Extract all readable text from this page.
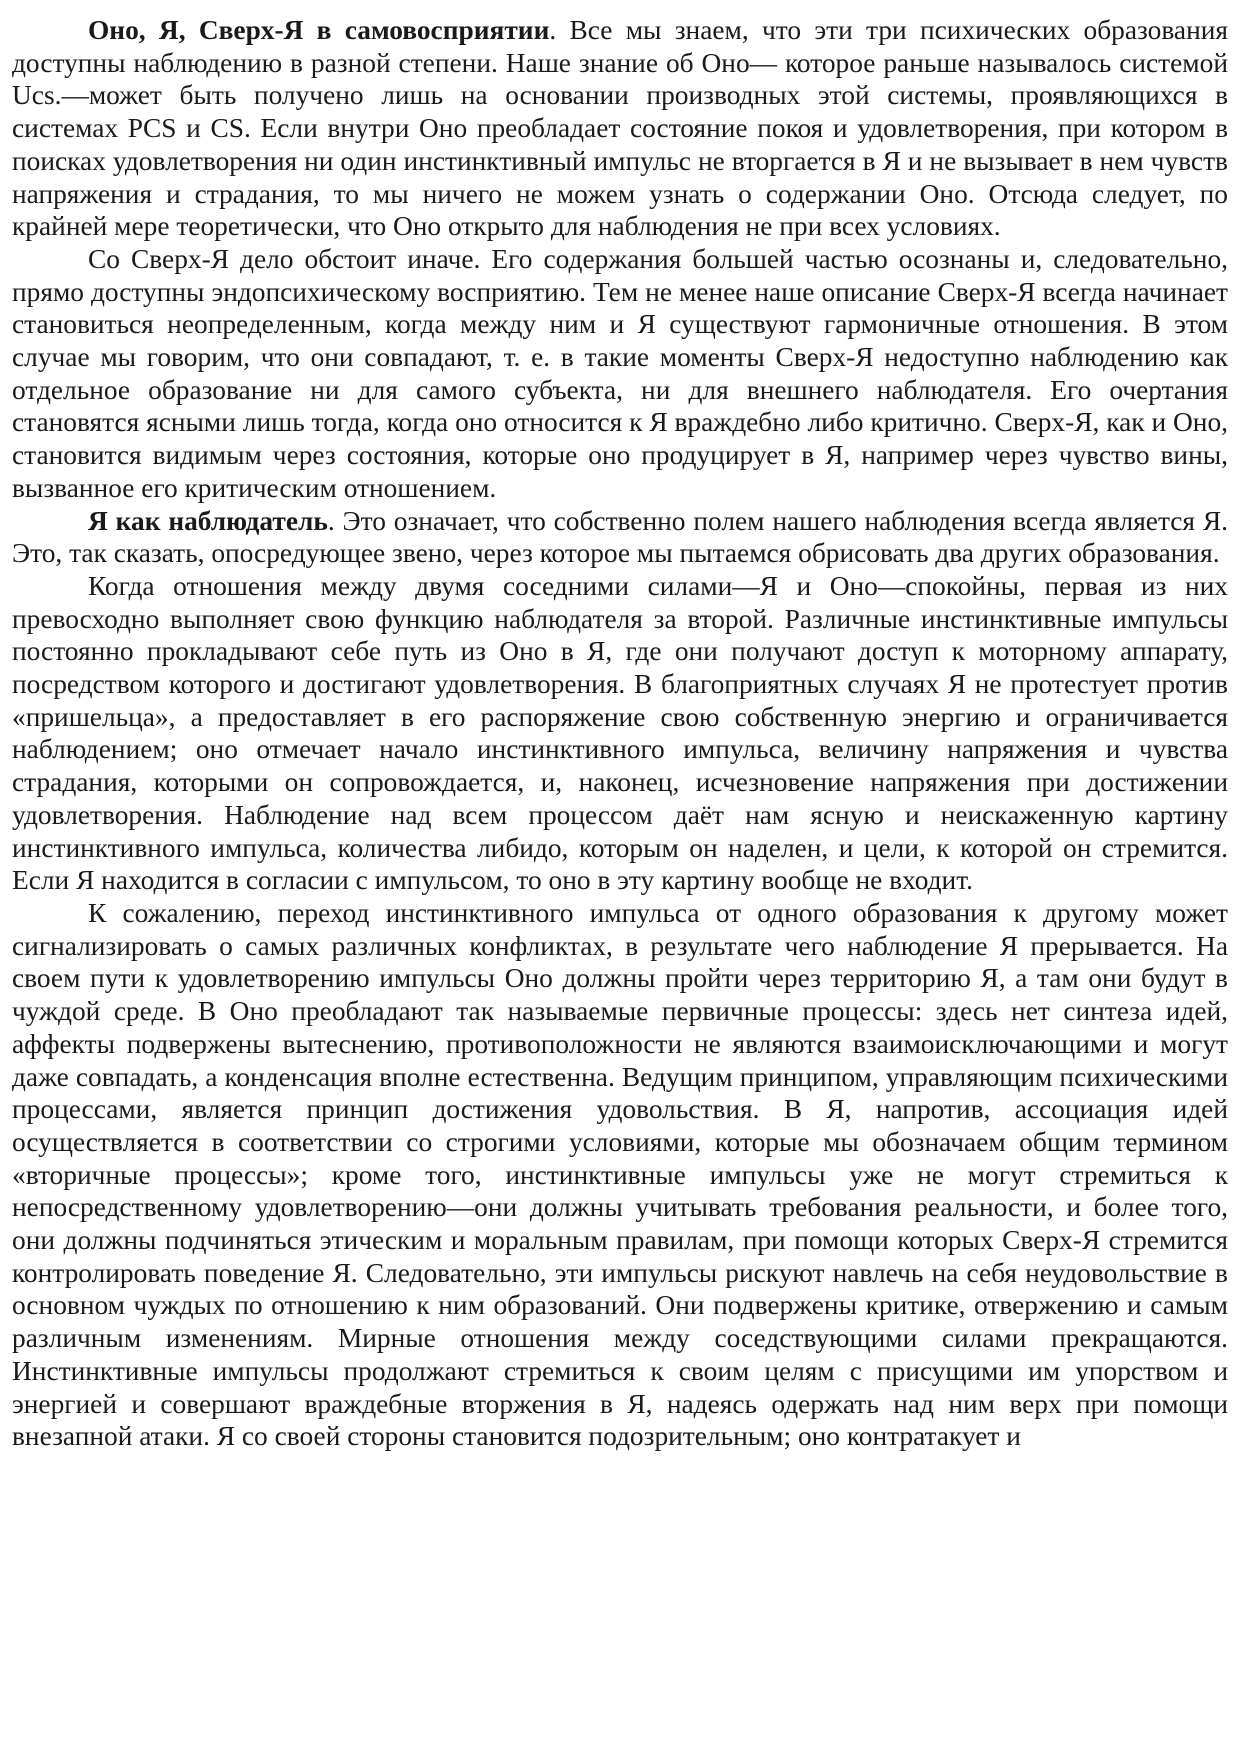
Оно, Я, Сверх-Я в самовосприятии. Все мы знаем, что эти три психических образования доступны наблюдению в разной степени. Наше знание об Оно— которое раньше называлось системой Ucs.—может быть получено лишь на основании производных этой системы, проявляющихся в системах PCS и CS. Если внутри Оно преобладает состояние покоя и удовлетворения, при котором в поисках удовлетворения ни один инстинктивный импульс не вторгается в Я и не вызывает в нем чувств напряжения и страдания, то мы ничего не можем узнать о содержании Оно. Отсюда следует, по крайней мере теоретически, что Оно открыто для наблюдения не при всех условиях.

Со Сверх-Я дело обстоит иначе. Его содержания большей частью осознаны и, следовательно, прямо доступны эндопсихическому восприятию. Тем не менее наше описание Сверх-Я всегда начинает становиться неопределенным, когда между ним и Я существуют гармоничные отношения. В этом случае мы говорим, что они совпадают, т. е. в такие моменты Сверх-Я недоступно наблюдению как отдельное образование ни для самого субъекта, ни для внешнего наблюдателя. Его очертания становятся ясными лишь тогда, когда оно относится к Я враждебно либо критично. Сверх-Я, как и Оно, становится видимым через состояния, которые оно продуцирует в Я, например через чувство вины, вызванное его критическим отношением.

Я как наблюдатель. Это означает, что собственно полем нашего наблюдения всегда является Я. Это, так сказать, опосредующее звено, через которое мы пытаемся обрисовать два других образования.

Когда отношения между двумя соседними силами—Я и Оно—спокойны, первая из них превосходно выполняет свою функцию наблюдателя за второй. Различные инстинктивные импульсы постоянно прокладывают себе путь из Оно в Я, где они получают доступ к моторному аппарату, посредством которого и достигают удовлетворения. В благоприятных случаях Я не протестует против «пришельца», а предоставляет в его распоряжение свою собственную энергию и ограничивается наблюдением; оно отмечает начало инстинктивного импульса, величину напряжения и чувства страдания, которыми он сопровождается, и, наконец, исчезновение напряжения при достижении удовлетворения. Наблюдение над всем процессом даёт нам ясную и неискаженную картину инстинктивного импульса, количества либидо, которым он наделен, и цели, к которой он стремится. Если Я находится в согласии с импульсом, то оно в эту картину вообще не входит.

К сожалению, переход инстинктивного импульса от одного образования к другому может сигнализировать о самых различных конфликтах, в результате чего наблюдение Я прерывается. На своем пути к удовлетворению импульсы Оно должны пройти через территорию Я, а там они будут в чуждой среде. В Оно преобладают так называемые первичные процессы: здесь нет синтеза идей, аффекты подвержены вытеснению, противоположности не являются взаимоисключающими и могут даже совпадать, а конденсация вполне естественна. Ведущим принципом, управляющим психическими процессами, является принцип достижения удовольствия. В Я, напротив, ассоциация идей осуществляется в соответствии со строгими условиями, которые мы обозначаем общим термином «вторичные процессы»; кроме того, инстинктивные импульсы уже не могут стремиться к непосредственному удовлетворению—они должны учитывать требования реальности, и более того, они должны подчиняться этическим и моральным правилам, при помощи которых Сверх-Я стремится контролировать поведение Я. Следовательно, эти импульсы рискуют навлечь на себя неудовольствие в основном чуждых по отношению к ним образований. Они подвержены критике, отвержению и самым различным изменениям. Мирные отношения между соседствующими силами прекращаются. Инстинктивные импульсы продолжают стремиться к своим целям с присущими им упорством и энергией и совершают враждебные вторжения в Я, надеясь одержать над ним верх при помощи внезапной атаки. Я со своей стороны становится подозрительным; оно контратакует и
